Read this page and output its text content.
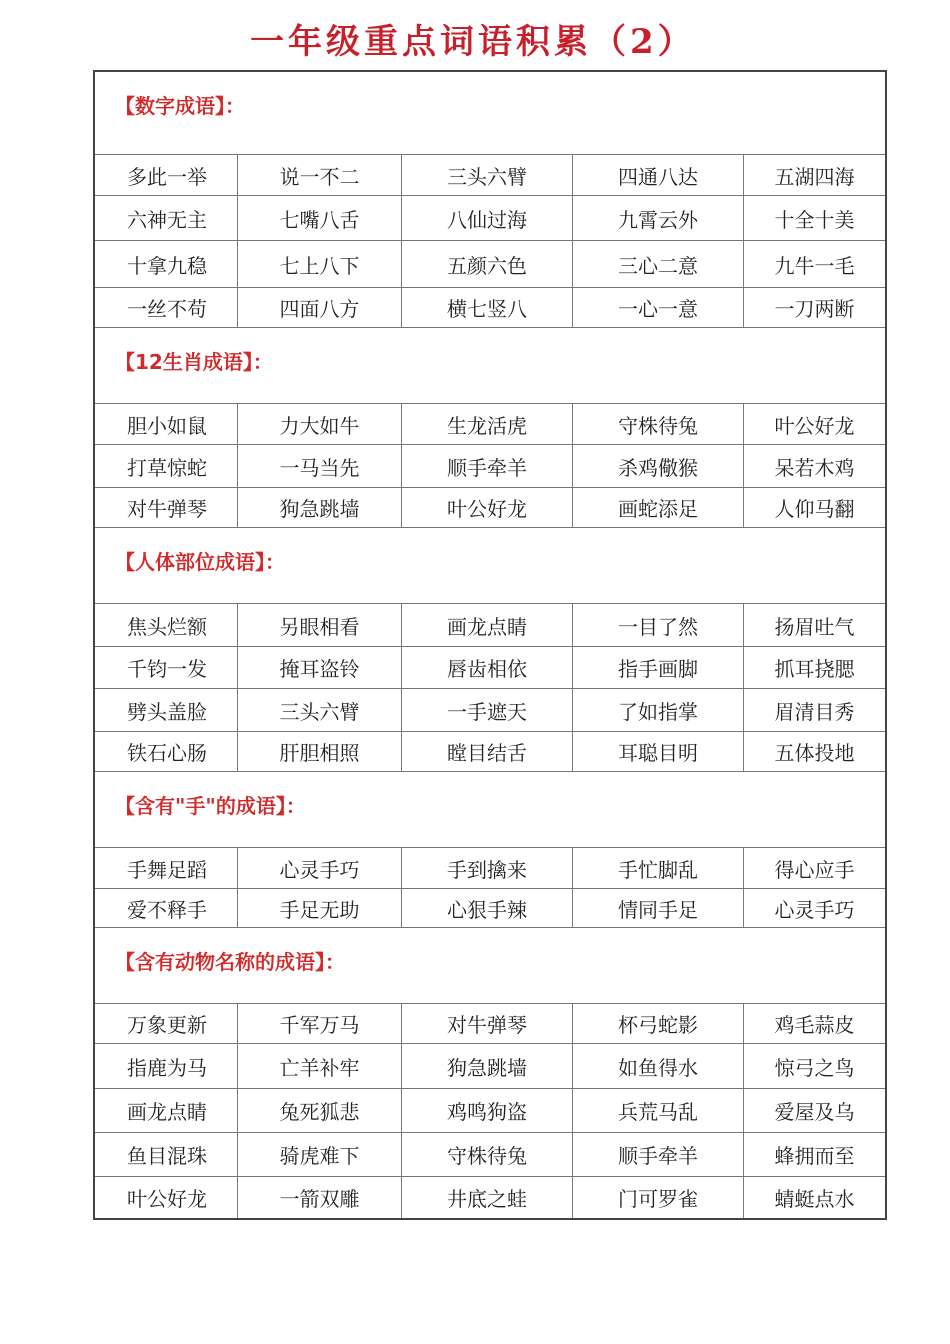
一年级重点词语积累（2）
【数字成语】：
多此一举	说一不二	三头六臂	四通八达	五湖四海
六神无主	七嘴八舌	八仙过海	九霄云外	十全十美
十拿九稳	七上八下	五颜六色	三心二意	九牛一毛
一丝不苟	四面八方	横七竖八	一心一意	一刀两断
【12生肖成语】：
胆小如鼠	力大如牛	生龙活虎	守株待兔	叶公好龙
打草惊蛇	一马当先	顺手牵羊	杀鸡儆猴	呆若木鸡
对牛弹琴	狗急跳墙	叶公好龙	画蛇添足	人仰马翻
【人体部位成语】：
焦头烂额	另眼相看	画龙点睛	一目了然	扬眉吐气
千钧一发	掩耳盗铃	唇齿相依	指手画脚	抓耳挠腮
劈头盖脸	三头六臂	一手遮天	了如指掌	眉清目秀
铁石心肠	肝胆相照	瞠目结舌	耳聪目明	五体投地
【含有"手"的成语】：
手舞足蹈	心灵手巧	手到擒来	手忙脚乱	得心应手
爱不释手	手足无助	心狠手辣	情同手足	心灵手巧
【含有动物名称的成语】：
万象更新	千军万马	对牛弹琴	杯弓蛇影	鸡毛蒜皮
指鹿为马	亡羊补牢	狗急跳墙	如鱼得水	惊弓之鸟
画龙点睛	兔死狐悲	鸡鸣狗盗	兵荒马乱	爱屋及乌
鱼目混珠	骑虎难下	守株待兔	顺手牵羊	蜂拥而至
叶公好龙	一箭双雕	井底之蛙	门可罗雀	蜻蜓点水
